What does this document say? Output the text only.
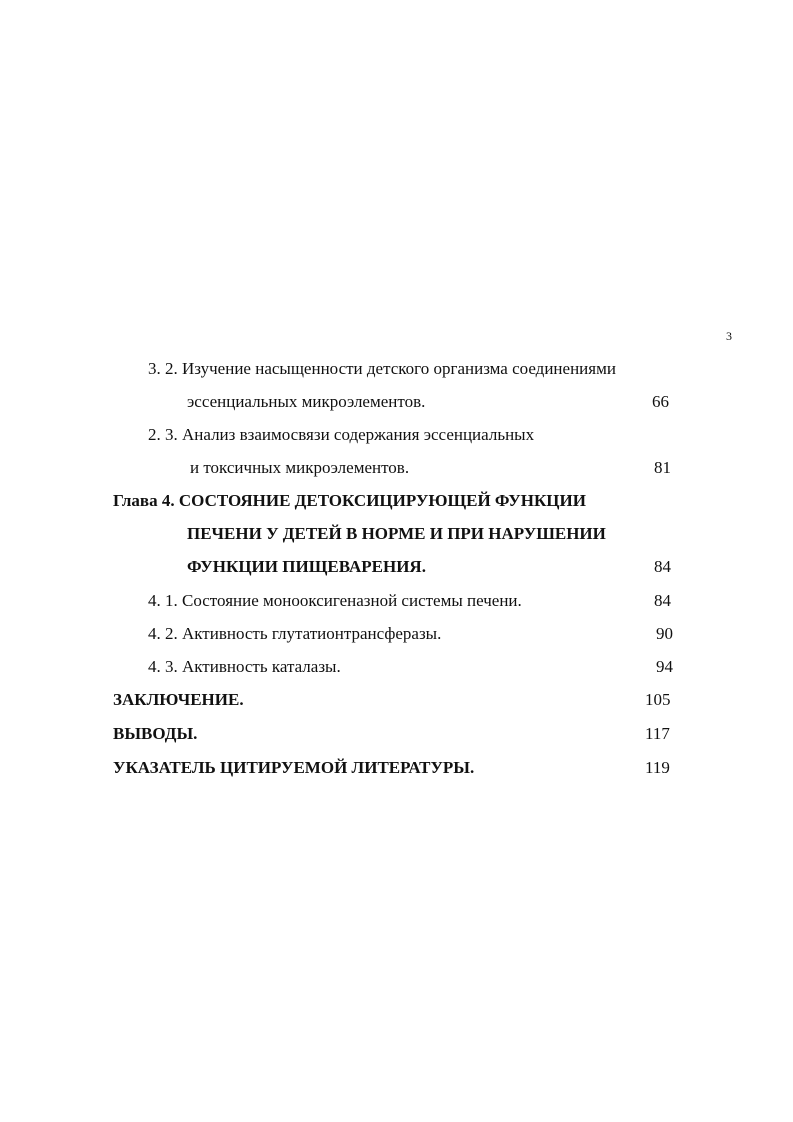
3
3. 2. Изучение насыщенности детского организма соединениями
эссенциальных микроэлементов.	66
2. 3. Анализ взаимосвязи содержания эссенциальных
и токсичных микроэлементов.	81
Глава 4. СОСТОЯНИЕ ДЕТОКСИЦИРУЮЩЕЙ ФУНКЦИИ
ПЕЧЕНИ У ДЕТЕЙ В НОРМЕ И ПРИ НАРУШЕНИИ
ФУНКЦИИ ПИЩЕВАРЕНИЯ.	84
4. 1. Состояние монооксигеназной системы печени.	84
4. 2. Активность глутатионтрансферазы.	90
4. 3. Активность каталазы.	94
ЗАКЛЮЧЕНИЕ.	105
ВЫВОДЫ.	117
УКАЗАТЕЛЬ ЦИТИРУЕМОЙ ЛИТЕРАТУРЫ.	119
